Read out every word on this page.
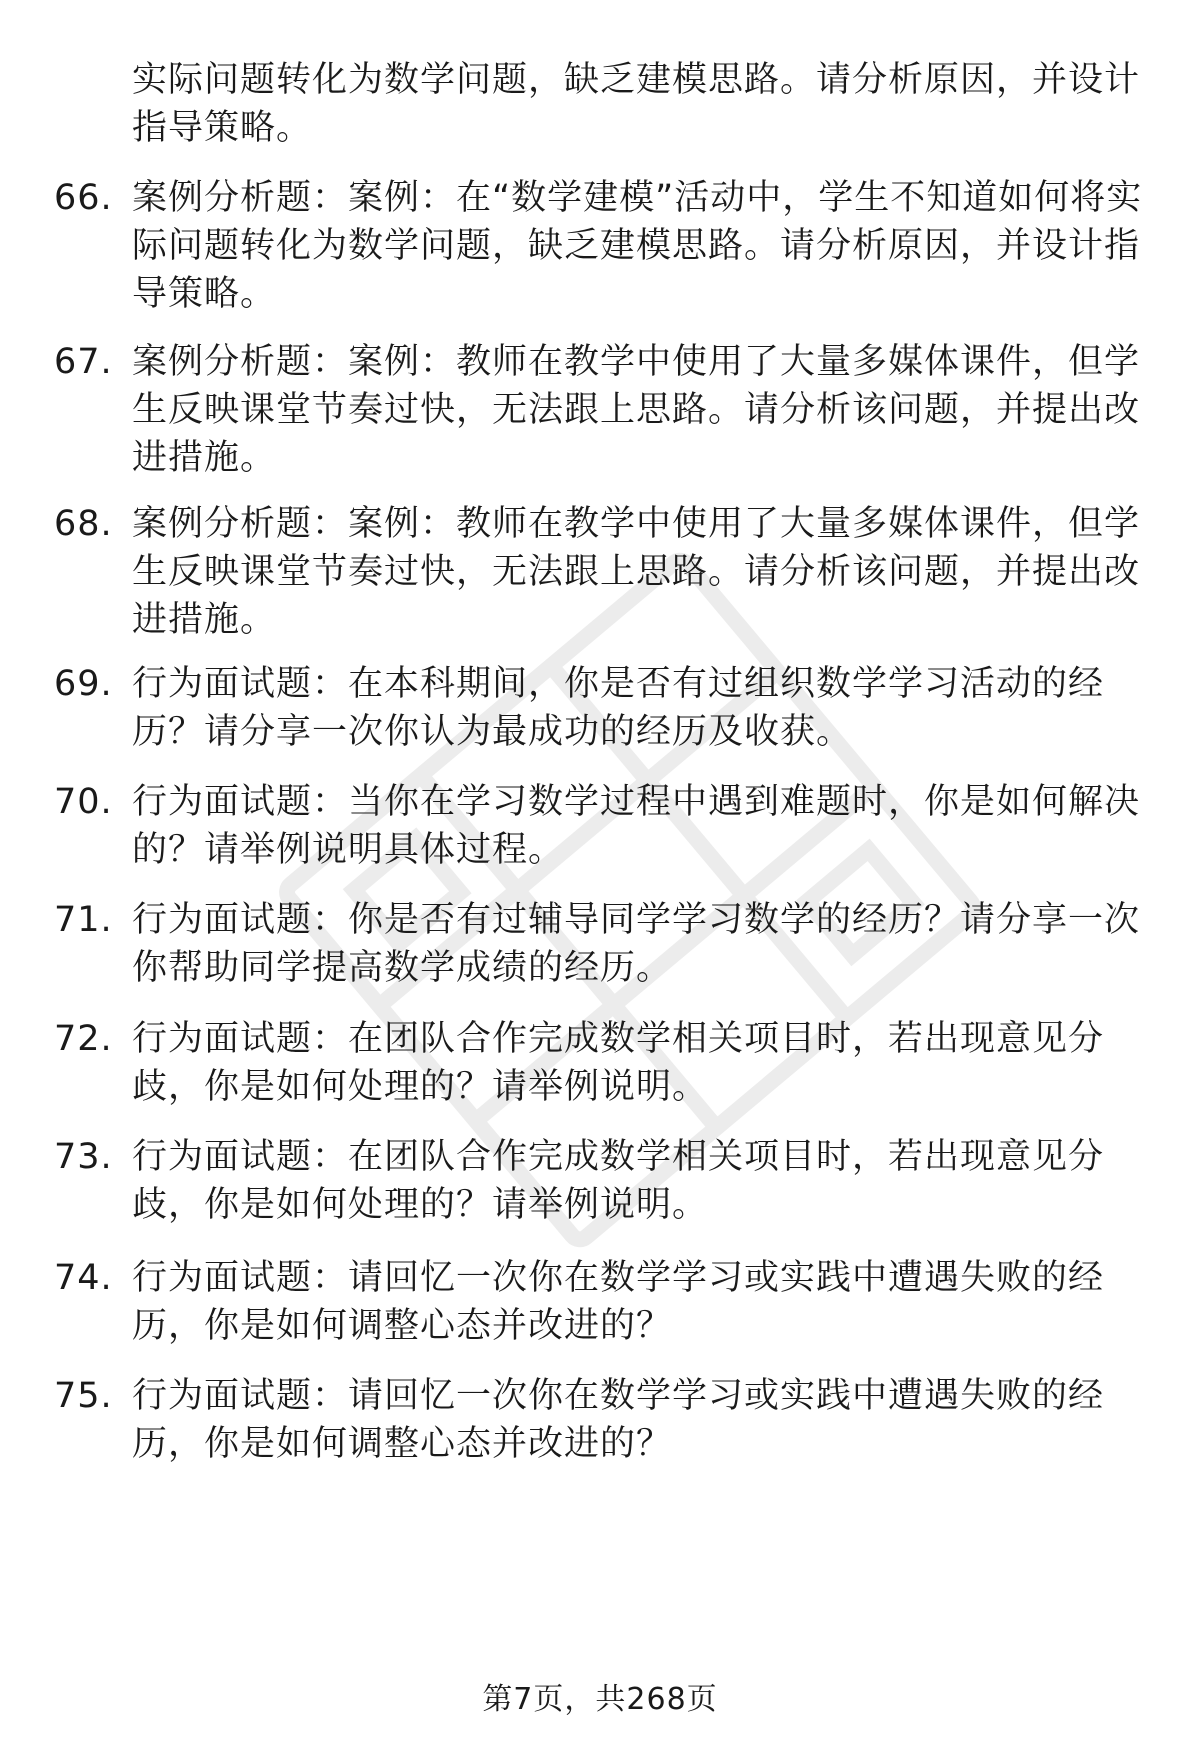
实际问题转化为数学问题，缺乏建模思路。请分析原因，并设计指导策略。
66. 案例分析题：案例：在“数学建模”活动中，学生不知道如何将实际问题转化为数学问题，缺乏建模思路。请分析原因，并设计指导策略。
67. 案例分析题：案例：教师在教学中使用了大量多媒体课件，但学生反映课堂节奏过快，无法跟上思路。请分析该问题，并提出改进措施。
68. 案例分析题：案例：教师在教学中使用了大量多媒体课件，但学生反映课堂节奏过快，无法跟上思路。请分析该问题，并提出改进措施。
69. 行为面试题：在本科期间，你是否有过组织数学学习活动的经历？请分享一次你认为最成功的经历及收获。
70. 行为面试题：当你在学习数学过程中遇到难题时，你是如何解决的？请举例说明具体过程。
71. 行为面试题：你是否有过辅导同学学习数学的经历？请分享一次你帮助同学提高数学成绩的经历。
72. 行为面试题：在团队合作完成数学相关项目时，若出现意见分歧，你是如何处理的？请举例说明。
73. 行为面试题：在团队合作完成数学相关项目时，若出现意见分歧，你是如何处理的？请举例说明。
74. 行为面试题：请回忆一次你在数学学习或实践中遭遇失败的经历，你是如何调整心态并改进的？
75. 行为面试题：请回忆一次你在数学学习或实践中遭遇失败的经历，你是如何调整心态并改进的？
第7页，共268页
